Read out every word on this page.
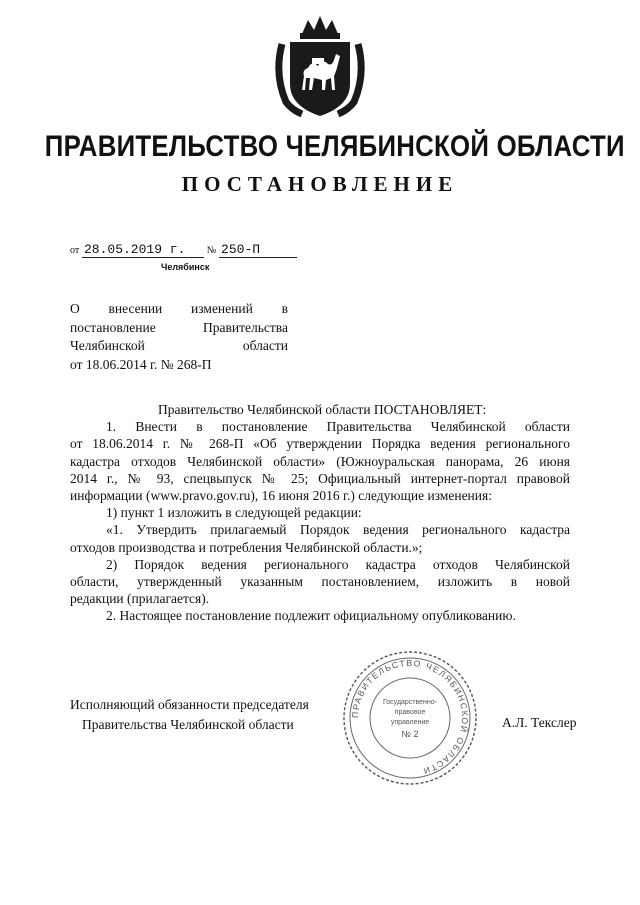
ПРАВИТЕЛЬСТВО ЧЕЛЯБИНСКОЙ ОБЛАСТИ
ПОСТАНОВЛЕНИЕ
от 28.05.2019 г. № 250-П
Челябинск
О внесении изменений в
постановление	Правительства
Челябинской	области
от 18.06.2014 г. № 268-П

Правительство Челябинской области ПОСТАНОВЛЯЕТ:

1. Внести в постановление Правительства Челябинской области

от 18.06.2014 г. № 268-П «Об утверждении Порядка ведения регионального

кадастра отходов Челябинской области» (Южноуральская панорама, 26 июня

2014 г., № 93, спецвыпуск № 25; Официальный интернет-портал правовой

информации (www.pravo.gov.ru), 16 июня 2016 г.) следующие изменения:

1) пункт 1 изложить в следующей редакции:

«1. Утвердить прилагаемый Порядок ведения регионального кадастра

отходов производства и потребления Челябинской области.»;

2) Порядок ведения регионального кадастра отходов Челябинской

области, утвержденный указанным постановлением, изложить в новой

редакции (прилагается).

2. Настоящее постановление подлежит официальному опубликованию.

Исполняющий обязанности председателя
Правительства Челябинской области
ПРАВИТЕЛЬСТВО ЧЕЛЯБИНСКОЙ ОБЛАСТИ
Государственно-
правовое
управление
№ 2
А.Л. Текслер
